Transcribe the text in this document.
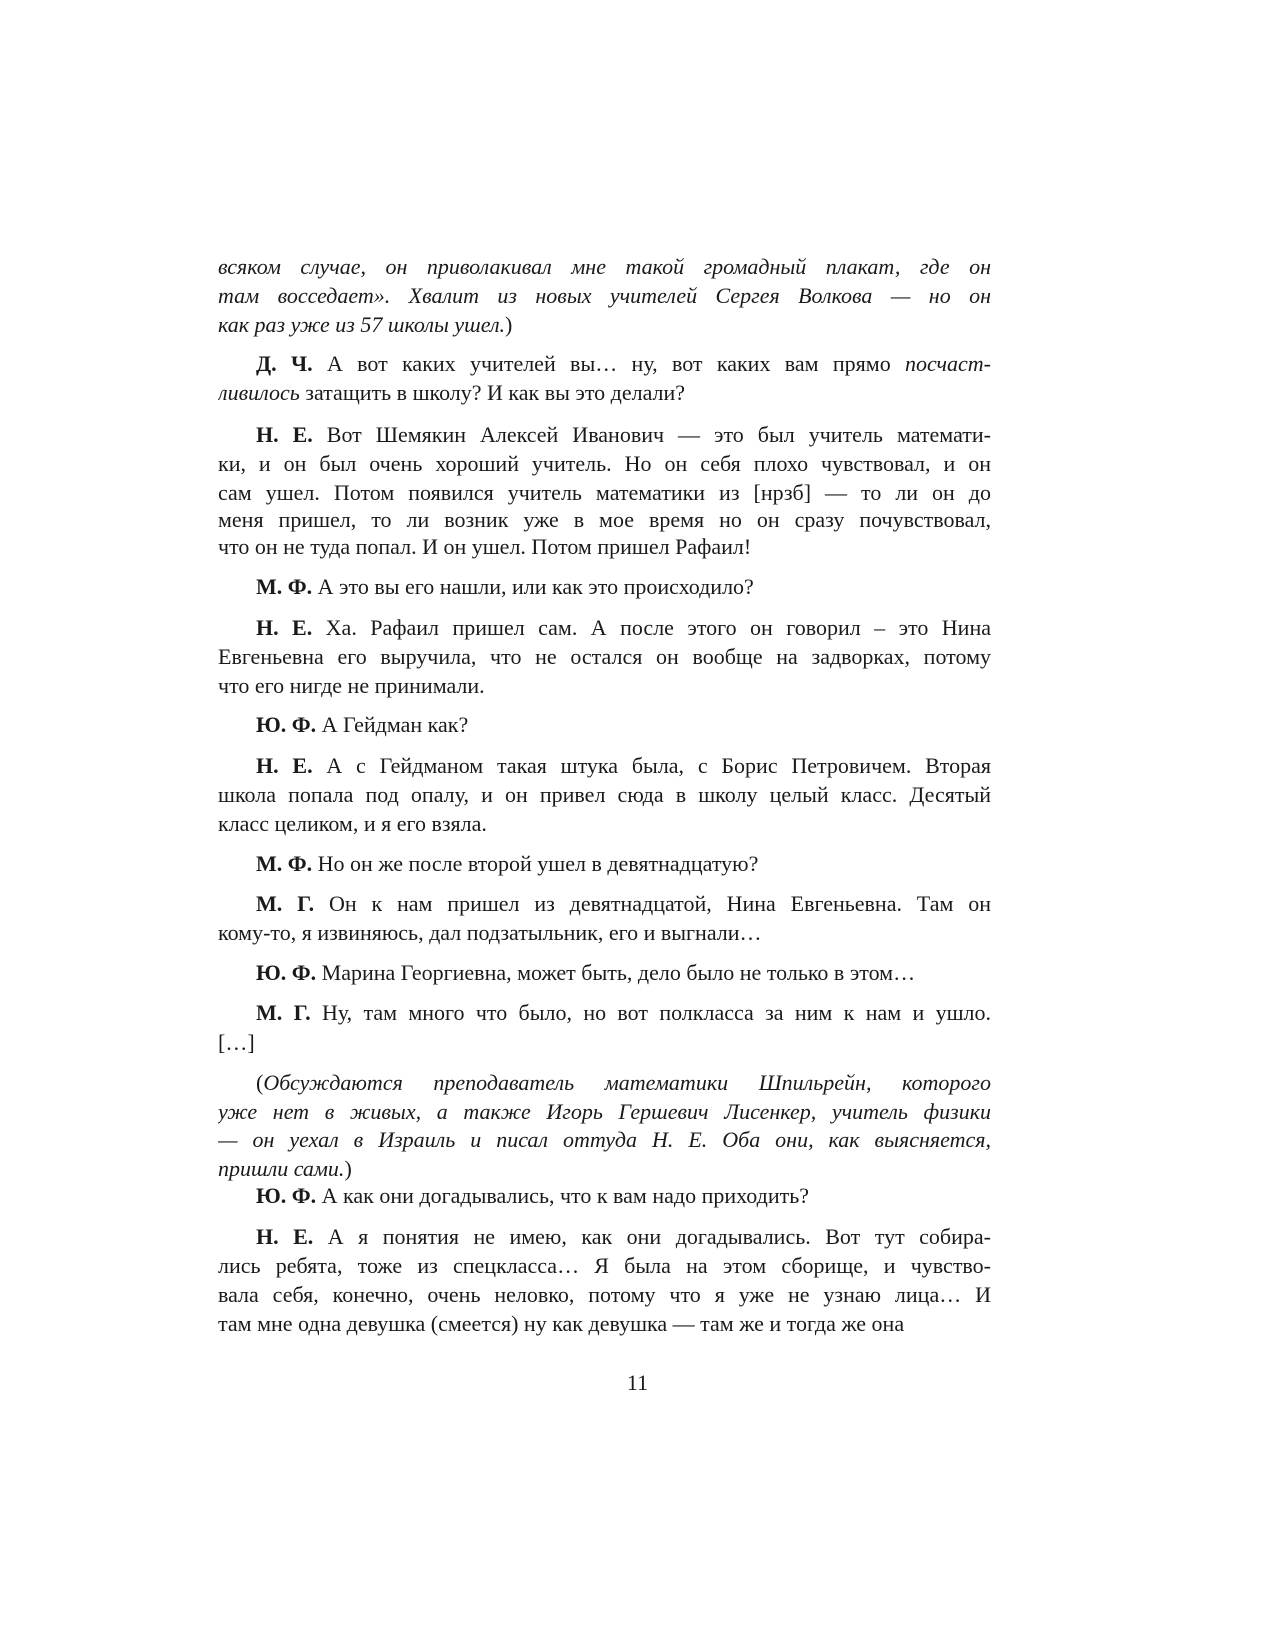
всяком случае, он приволакивал мне такой громадный плакат, где он
там восседает». Хвалит из новых учителей Сергея Волкова — но он
как раз уже из 57 школы ушел.)
Д. Ч. А вот каких учителей вы… ну, вот каких вам прямо посчаст-
ливилось затащить в школу? И как вы это делали?
Н. Е. Вот Шемякин Алексей Иванович — это был учитель математи-
ки, и он был очень хороший учитель. Но он себя плохо чувствовал, и он
сам ушел. Потом появился учитель математики из [нрзб] — то ли он до
меня пришел, то ли возник уже в мое время но он сразу почувствовал,
что он не туда попал. И он ушел. Потом пришел Рафаил!
М. Ф. А это вы его нашли, или как это происходило?
Н. Е. Ха. Рафаил пришел сам. А после этого он говорил – это Нина
Евгеньевна его выручила, что не остался он вообще на задворках, потому
что его нигде не принимали.
Ю. Ф. А Гейдман как?
Н. Е. А с Гейдманом такая штука была, с Борис Петровичем. Вторая
школа попала под опалу, и он привел сюда в школу целый класс. Десятый
класс целиком, и я его взяла.
М. Ф. Но он же после второй ушел в девятнадцатую?
М. Г. Он к нам пришел из девятнадцатой, Нина Евгеньевна. Там он
кому-то, я извиняюсь, дал подзатыльник, его и выгнали…
Ю. Ф. Марина Георгиевна, может быть, дело было не только в этом…
М. Г. Ну, там много что было, но вот полкласса за ним к нам и ушло.
[…]
(Обсуждаются преподаватель математики Шпильрейн, которого
уже нет в живых, а также Игорь Гершевич Лисенкер, учитель физики
— он уехал в Израиль и писал оттуда Н. Е. Оба они, как выясняется,
пришли сами.)
Ю. Ф. А как они догадывались, что к вам надо приходить?
Н. Е. А я понятия не имею, как они догадывались. Вот тут собира-
лись ребята, тоже из спецкласса… Я была на этом сборище, и чувство-
вала себя, конечно, очень неловко, потому что я уже не узнаю лица… И
там мне одна девушка (смеется) ну как девушка — там же и тогда же она
11
